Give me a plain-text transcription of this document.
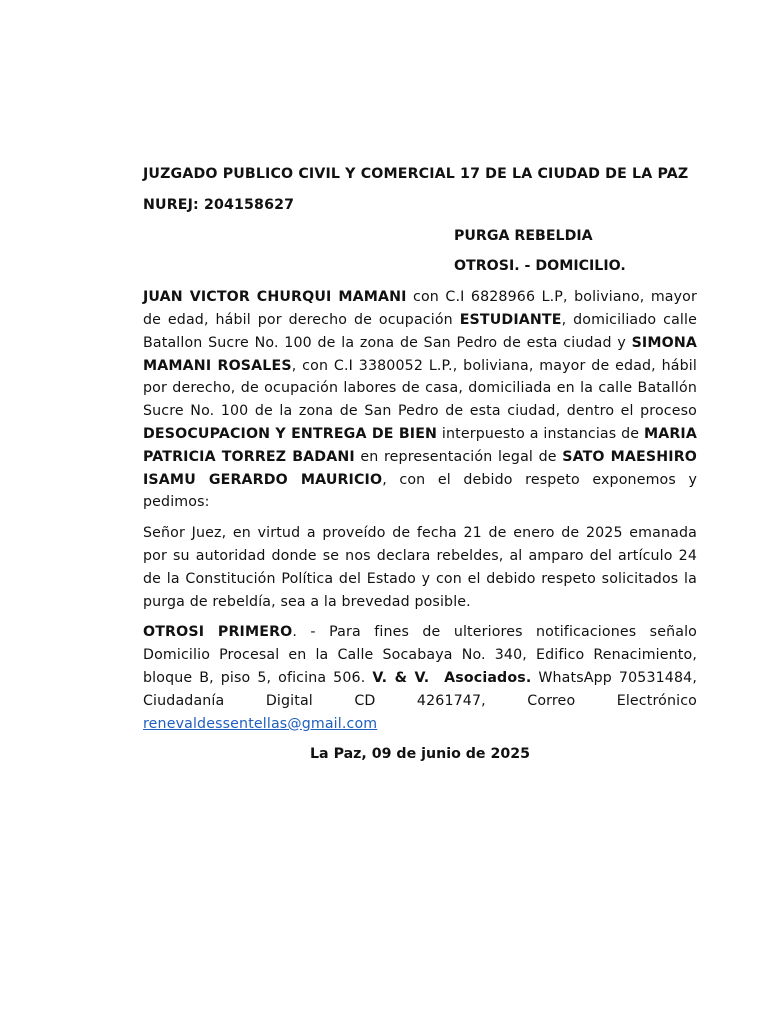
JUZGADO PUBLICO CIVIL Y COMERCIAL 17 DE LA CIUDAD DE LA PAZ

NUREJ: 204158627

PURGA REBELDIA

OTROSI. - DOMICILIO.

JUAN VICTOR CHURQUI MAMANI con C.I 6828966 L.P, boliviano, mayor de edad, hábil por derecho de ocupación ESTUDIANTE, domiciliado calle Batallon Sucre No. 100 de la zona de San Pedro de esta ciudad y SIMONA MAMANI ROSALES, con C.I 3380052 L.P., boliviana, mayor de edad, hábil por derecho, de ocupación labores de casa, domiciliada en la calle Batallón Sucre No. 100 de la zona de San Pedro de esta ciudad, dentro el proceso DESOCUPACION Y ENTREGA DE BIEN interpuesto a instancias de MARIA PATRICIA TORREZ BADANI en representación legal de SATO MAESHIRO ISAMU GERARDO MAURICIO, con el debido respeto exponemos y pedimos:

Señor Juez, en virtud a proveído de fecha 21 de enero de 2025 emanada por su autoridad donde se nos declara rebeldes, al amparo del artículo 24 de la Constitución Política del Estado y con el debido respeto solicitados la purga de rebeldía, sea a la brevedad posible.

OTROSI PRIMERO. - Para fines de ulteriores notificaciones señalo Domicilio Procesal en la Calle Socabaya No. 340, Edifico Renacimiento, bloque B, piso 5, oficina 506. V. & V.  Asociados. WhatsApp 70531484, Ciudadanía Digital CD 4261747, Correo Electrónico renevaldessentellas@gmail.com

La Paz, 09 de junio de 2025
